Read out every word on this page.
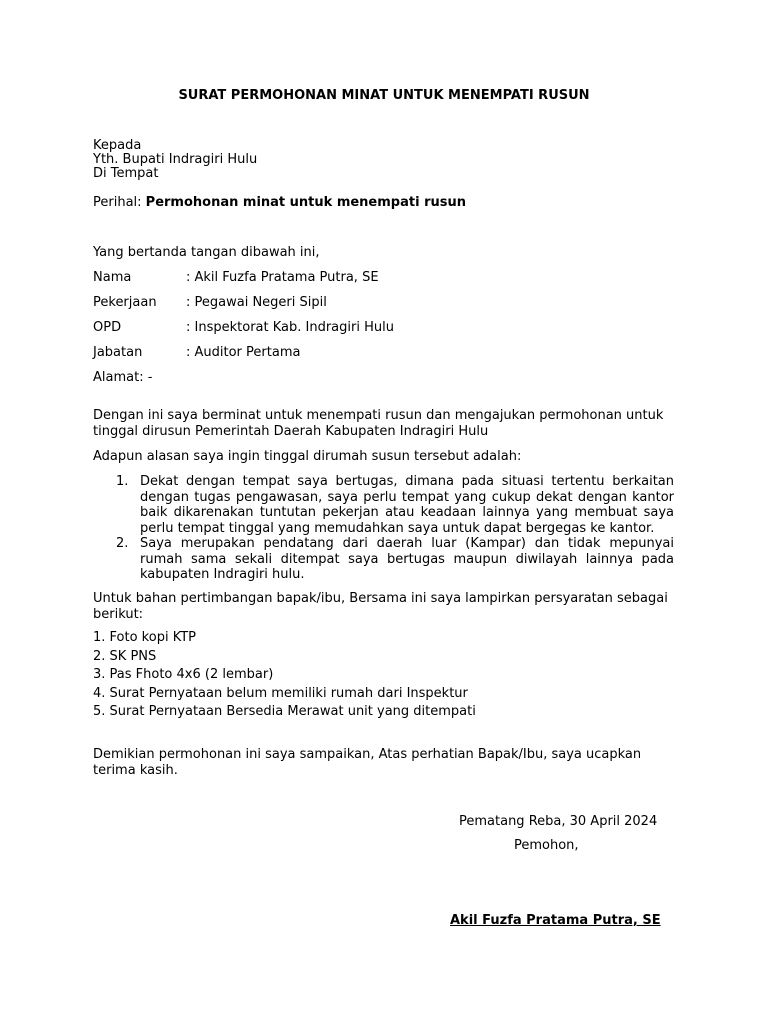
SURAT PERMOHONAN MINAT UNTUK MENEMPATI RUSUN
Kepada
Yth. Bupati Indragiri Hulu
Di Tempat
Perihal: Permohonan minat untuk menempati rusun
Yang bertanda tangan dibawah ini,
Nama	: Akil Fuzfa Pratama Putra, SE
Pekerjaan : Pegawai Negeri Sipil
OPD	: Inspektorat Kab. Indragiri Hulu
Jabatan	: Auditor Pertama
Alamat: -
Dengan ini saya berminat untuk menempati rusun dan mengajukan permohonan untuk tinggal dirusun Pemerintah Daerah Kabupaten Indragiri Hulu
Adapun alasan saya ingin tinggal dirumah susun tersebut adalah:
1. Dekat dengan tempat saya bertugas, dimana pada situasi tertentu berkaitan dengan tugas pengawasan, saya perlu tempat yang cukup dekat dengan kantor baik dikarenakan tuntutan pekerjan atau keadaan lainnya yang membuat saya perlu tempat tinggal yang memudahkan saya untuk dapat bergegas ke kantor.
2. Saya merupakan pendatang dari daerah luar (Kampar) dan tidak mepunyai rumah sama sekali ditempat saya bertugas maupun diwilayah lainnya pada kabupaten Indragiri hulu.
Untuk bahan pertimbangan bapak/ibu, Bersama ini saya lampirkan persyaratan sebagai berikut:
1. Foto kopi KTP
2. SK PNS
3. Pas Fhoto 4x6 (2 lembar)
4. Surat Pernyataan belum memiliki rumah dari Inspektur
5. Surat Pernyataan Bersedia Merawat unit yang ditempati
Demikian permohonan ini saya sampaikan, Atas perhatian Bapak/Ibu, saya ucapkan terima kasih.
Pematang Reba, 30 April 2024
Pemohon,
Akil Fuzfa Pratama Putra, SE
